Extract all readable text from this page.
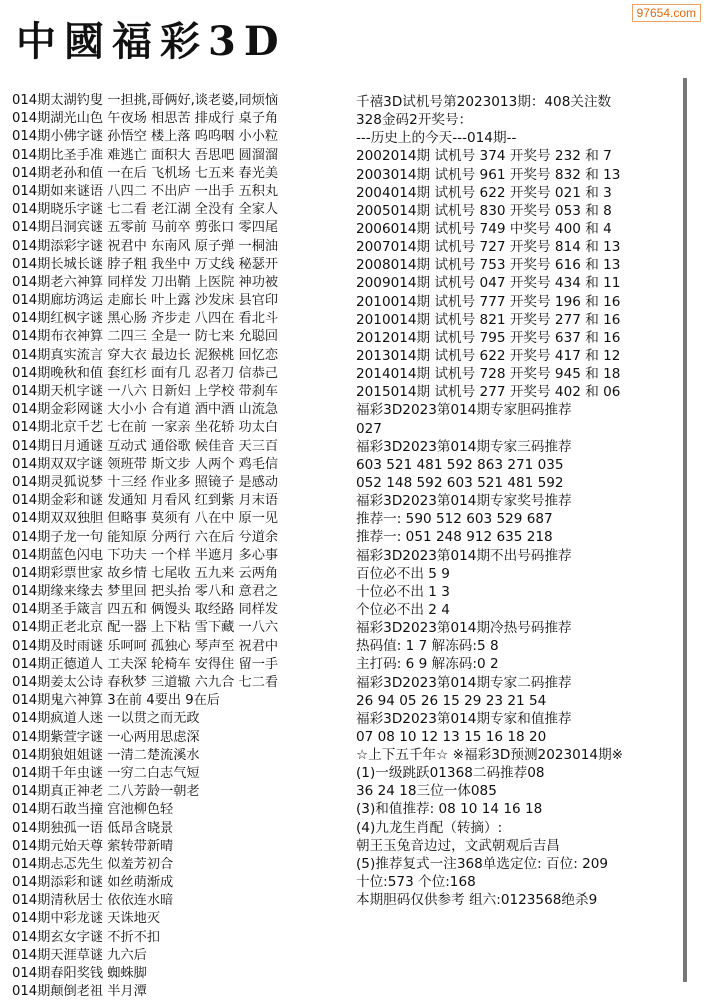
97654.com
中國福彩3D
014期太湖钓叟 一担挑,哥俩好,谈老婆,同烦恼
014期湖光山色 午夜场 相思苦 排成行 桌子角
014期小佛字谜 孙悟空 楼上落 呜呜咽 小小粒
014期比圣手准 难逃亡 面积大 吾思吧 圆溜溜
014期老孙和值 一在后 飞机场 七五来 春光美
014期如来谜语 八四二 不出庐 一出手 五积丸
014期晓乐字谜 七二看 老江湖 全没有 全家人
014期吕洞宾谜 五零前 马前卒 剪张口 零四尾
014期添彩字谜 祝君中 东南风 原子弹 一桐油
014期长城长谜 脖子粗 我坐中 万丈线 秘瑟开
014期老六神算 同样发 刀出鞘 上医院 神功被
014期廊坊鸿运 走廊长 叶上露 沙发床 县官印
014期红枫字谜 黑心肠 齐步走 八四在 看北斗
014期布衣神算 二四三 全是一 防七来 允聪回
014期真实流言 穿大衣 最边长 泥猴桃 回忆恋
014期晚秋和值 套红杉 面有几 忍者刀 信恭己
014期天机字谜 一八六 日新妇 上学校 带刹车
014期金彩网谜 大小小 合有道 酒中酒 山流急
014期北京千艺 七在前 一家亲 坐花轿 功太白
014期日月通谜 互动式 通俗歌 候佳音 天三百
014期双双字谜 领班带 斯文步 人两个 鸡毛信
014期灵狐说梦 十三经 作业多 照镜子 是感动
014期金彩和谜 发通知 月看风 红到紫 月末语
014期双双独胆 但略事 莫须有 八在中 原一见
014期子龙一句 能知原 分两行 六在后 兮道余
014期蓝色闪电 下功夫 一个样 半遮月 多心事
014期彩票世家 故乡情 七尾收 五九来 云两角
014期缘来缘去 梦里回 把头抬 零八和 意君之
014期圣手箴言 四五和 俩馒头 取经路 同样发
014期正老北京 配一器 上下粘 雪下藏 一八六
014期及时雨谜 乐呵呵 孤独心 琴声至 祝君中
014期正德道人 工夫深 轮椅车 安得住 留一手
014期姜太公诗 春秋梦 三道辙 六九合 七二看
014期鬼六神算 3在前 4要出 9在后
014期疯道人迷 一以贯之而无政
014期紫萱字谜 一心两用思虑深
014期狼姐姐谜 一清二楚流溪水
014期千年虫谜 一穷二白志气短
014期真正神老 二八芳龄一朝老
014期石敢当撞 宫池柳色轻
014期独孤一语 低昂含晓景
014期元始天尊 萦转带新晴
014期忐忑先生 似羞芳初合
014期添彩和谜 如丝萌渐成
014期清秋居士 依依连水暗
014期中彩龙谜 天诛地灭
014期玄女字谜 不折不扣
014期天涯草谜 九六后
014期春阳奖钱 蜘蛛脚
014期颠倒老祖 半月潭
千禧3D试机号第2023013期：408关注数
328金码2开奖号：
---历史上的今天---014期--
2002014期 试机号 374 开奖号 232 和 7
2003014期 试机号 961 开奖号 832 和 13
2004014期 试机号 622 开奖号 021 和 3
2005014期 试机号 830 开奖号 053 和 8
2006014期 试机号 749 中奖号 400 和 4
2007014期 试机号 727 开奖号 814 和 13
2008014期 试机号 753 开奖号 616 和 13
2009014期 试机号 047 开奖号 434 和 11
2010014期 试机号 777 开奖号 196 和 16
2010014期 试机号 821 开奖号 277 和 16
2012014期 试机号 795 开奖号 637 和 16
2013014期 试机号 622 开奖号 417 和 12
2014014期 试机号 728 开奖号 945 和 18
2015014期 试机号 277 开奖号 402 和 06
福彩3D2023第014期专家胆码推荐
027
福彩3D2023第014期专家三码推荐
603 521 481 592 863 271 035
052 148 592 603 521 481 592
福彩3D2023第014期专家奖号推荐
推荐一: 590 512 603 529 687
推荐一: 051 248 912 635 218
福彩3D2023第014期不出号码推荐
百位必不出 5 9
十位必不出 1 3
个位必不出 2 4
福彩3D2023第014期冷热号码推荐
热码值: 1 7 解冻码:5 8
主打码: 6 9 解冻码:0 2
福彩3D2023第014期专家二码推荐
26 94 05 26 15 29 23 21 54
福彩3D2023第014期专家和值推荐
07 08 10 12 13 15 16 18 20
☆上下五千年☆ ※福彩3D预测2023014期※
(1)一级跳跃01368二码推荐08
36 24 18三位一体085
(3)和值推荐: 08 10 14 16 18
(4)九龙生肖配（转摘）:
朝王玉兔音边过，文武朝观后吉昌
(5)推荐复式一注368单选定位: 百位: 209
十位:573 个位:168
本期胆码仅供参考 组六:0123568绝杀9
